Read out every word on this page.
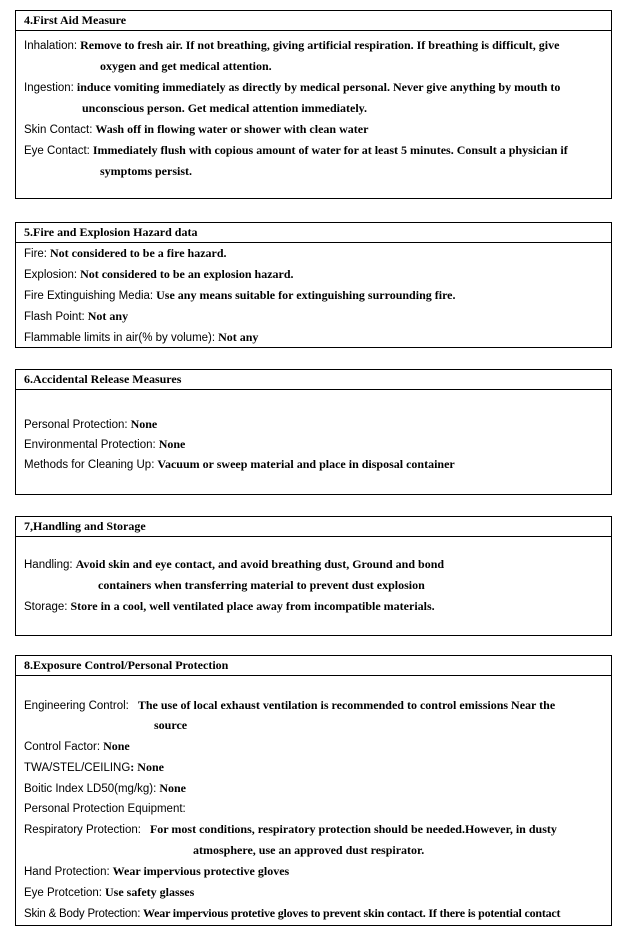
4.First Aid Measure
Inhalation: Remove to fresh air. If not breathing, giving artificial respiration. If breathing is difficult, give
oxygen and get medical attention.
Ingestion: induce vomiting immediately as directly by medical personal. Never give anything by mouth to
unconscious person. Get medical attention immediately.
Skin Contact: Wash off in flowing water or shower with clean water
Eye Contact: Immediately flush with copious amount of water for at least 5 minutes. Consult a physician if
symptoms persist.
5.Fire and Explosion Hazard data
Fire: Not considered to be a fire hazard.
Explosion: Not considered to be an explosion hazard.
Fire Extinguishing Media: Use any means suitable for extinguishing surrounding fire.
Flash Point: Not any
Flammable limits in air(% by volume): Not any
6.Accidental Release Measures
Personal Protection: None
Environmental Protection: None
Methods for Cleaning Up: Vacuum or sweep material and place in disposal container
7,Handling and Storage
Handling: Avoid skin and eye contact, and avoid breathing dust, Ground and bond
containers when transferring material to prevent dust explosion
Storage: Store in a cool, well ventilated place away from incompatible materials.
8.Exposure Control/Personal Protection
Engineering Control: The use of local exhaust ventilation is recommended to control emissions Near the
source
Control Factor: None
TWA/STEL/CEILING: None
Boitic Index LD50(mg/kg): None
Personal Protection Equipment:
Respiratory Protection: For most conditions, respiratory protection should be needed.However, in dusty
atmosphere, use an approved dust respirator.
Hand Protection: Wear impervious protective gloves
Eye Protcetion: Use safety glasses
Skin & Body Protection: Wear impervious protetive gloves to prevent skin contact. If there is potential contact
